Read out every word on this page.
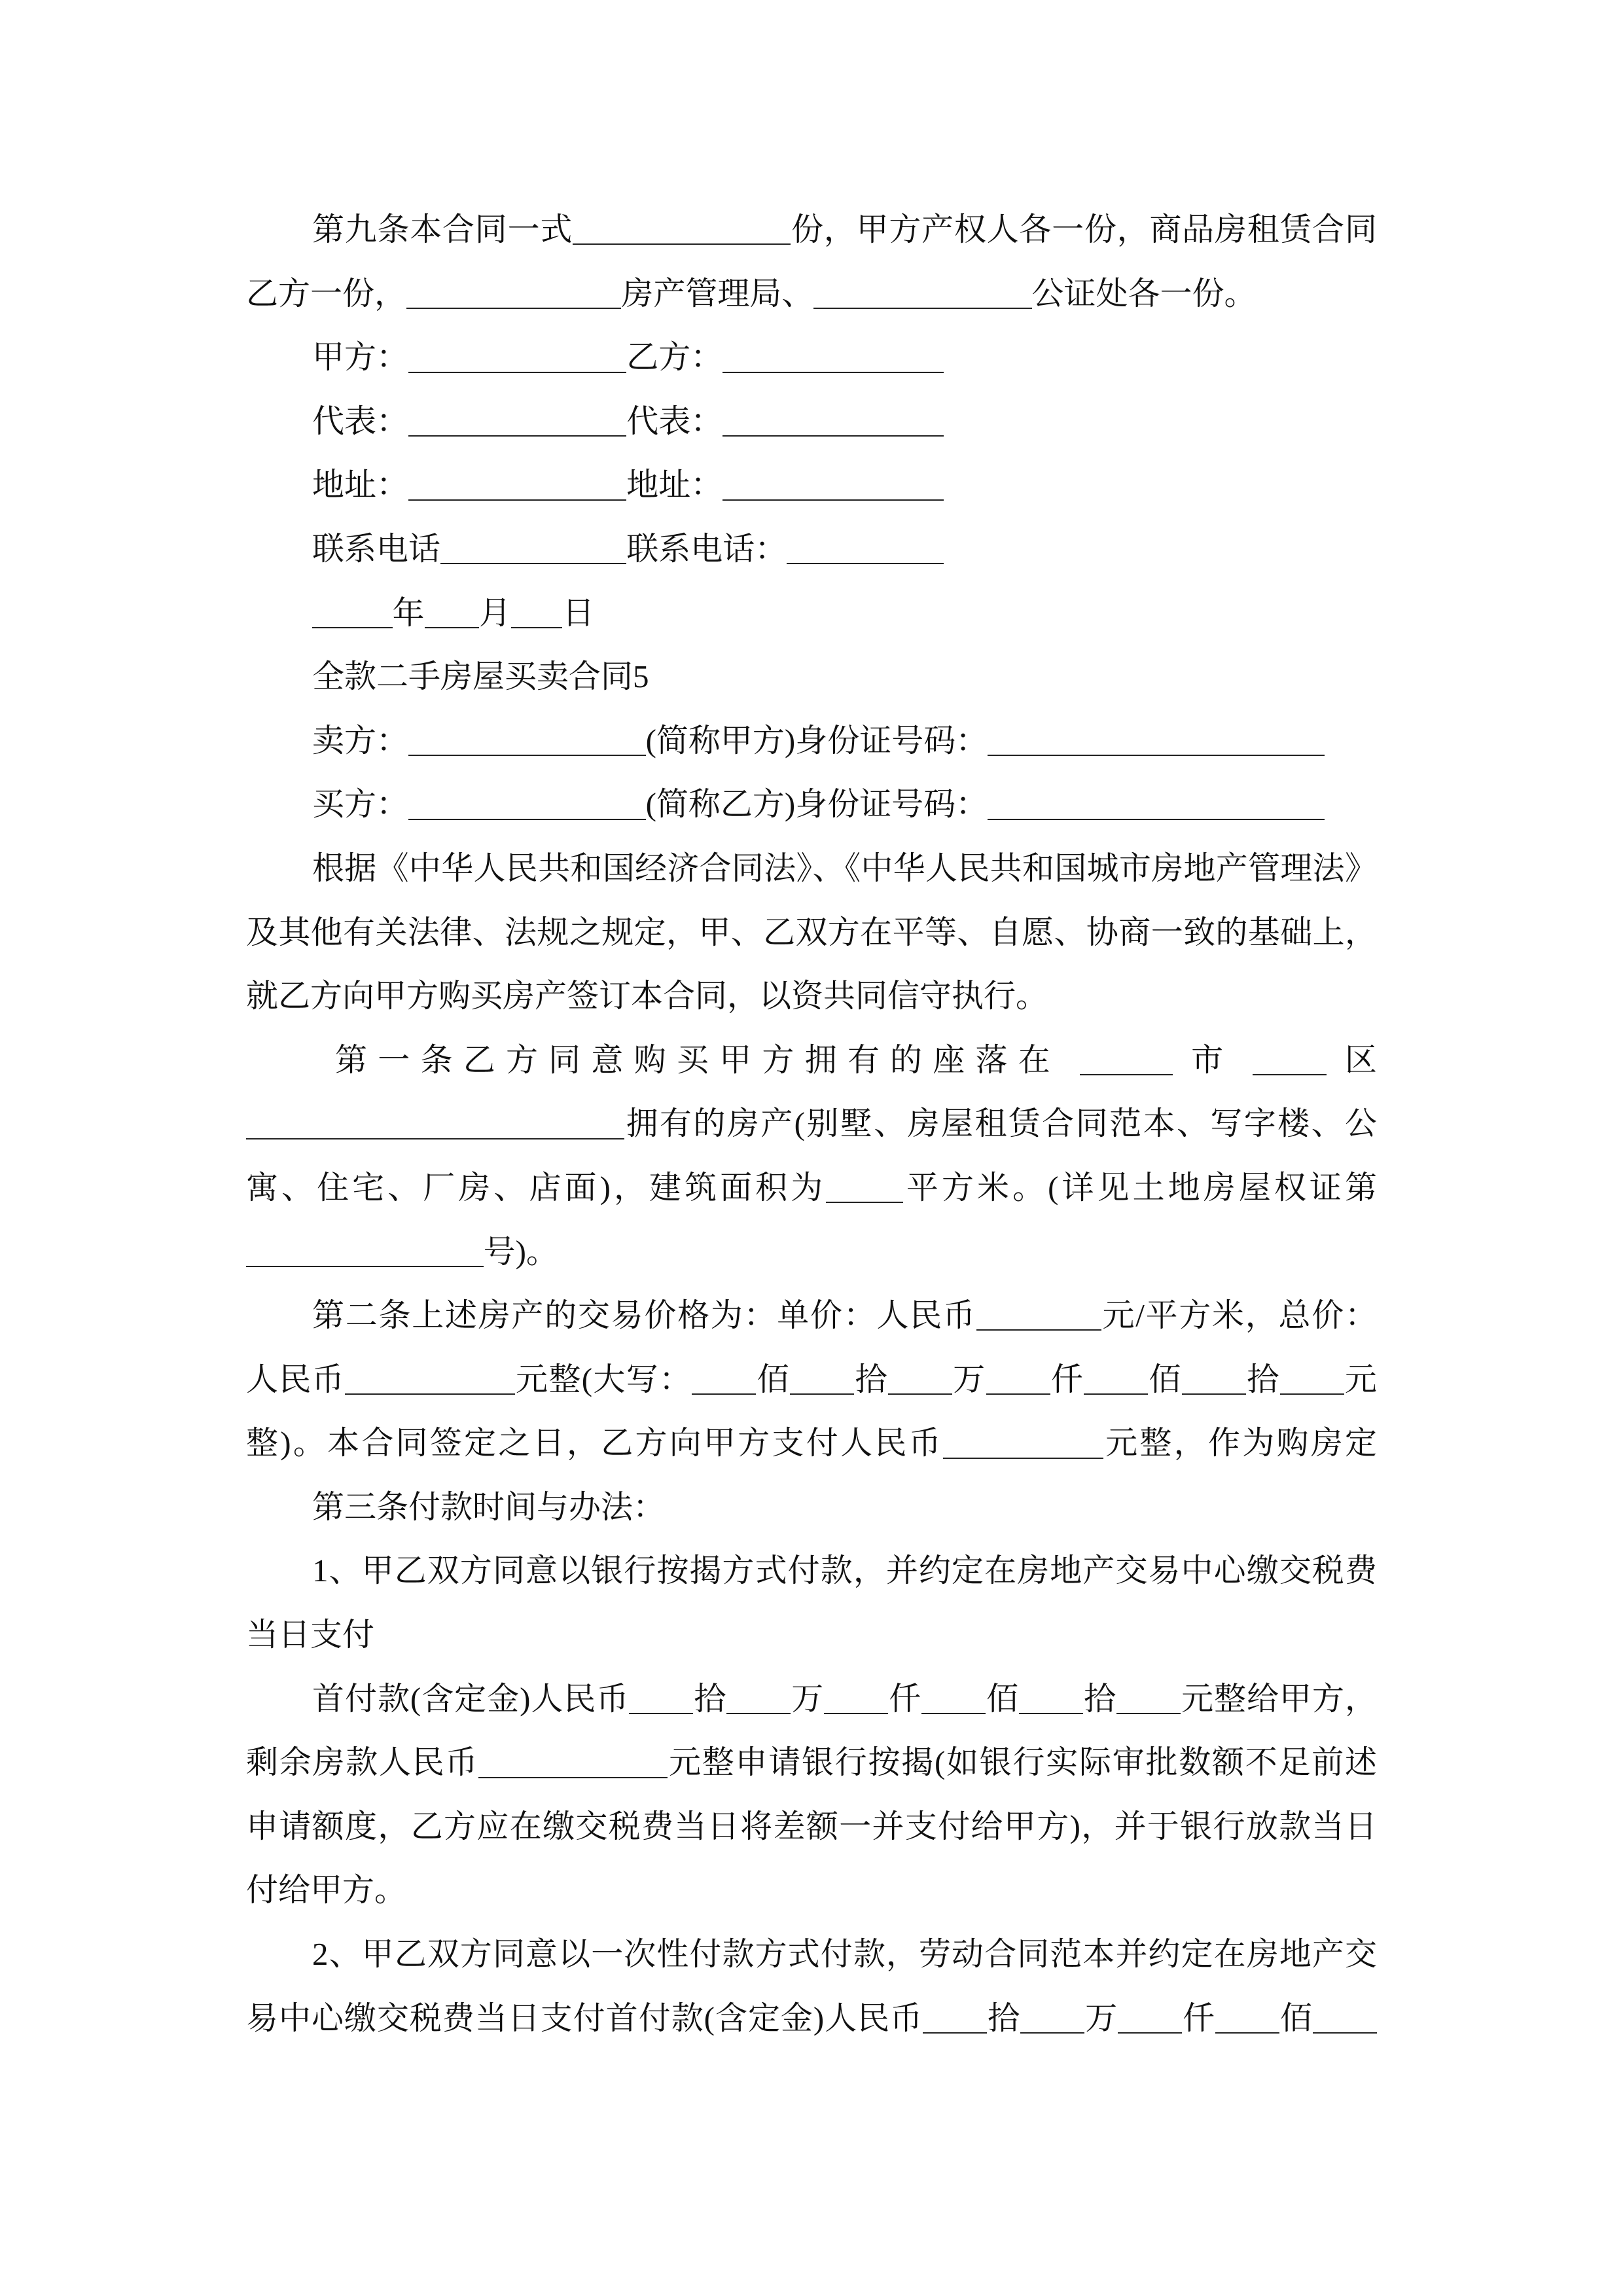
第九条本合同一式	份，甲方产权人各一份，商品房租赁合同
乙方一份，	房产管理局、	公证处各一份。
甲方：	乙方：
代表：	代表：
地址：	地址：
联系电话	联系电话：
年 月 日
全款二手房屋买卖合同5
卖方：	(简称甲方)身份证号码：
买方：	(简称乙方)身份证号码：
根据《中华人民共和国经济合同法》、《中华人民共和国城市房地产管理法》
及其他有关法律、法规之规定，甲、乙双方在平等、自愿、协商一致的基础上，
就乙方向甲方购买房产签订本合同，以资共同信守执行。
第一条乙方同意购买甲方拥有的座落在	市	区
拥有的房产(别墅、房屋租赁合同范本、写字楼、公
寓、住宅、厂房、店面)，建筑面积为 平方米。(详见土地房屋权证第
号)。
第二条上述房产的交易价格为：单价：人民币	元/平方米，总价：
人民币	元整(大写： 佰 拾 万 仟 佰 拾 元
整)。本合同签定之日，乙方向甲方支付人民币	元整，作为购房定
第三条付款时间与办法：
1、甲乙双方同意以银行按揭方式付款，并约定在房地产交易中心缴交税费
当日支付
首付款(含定金)人民币 拾 万 仟 佰 拾 元整给甲方，
剩余房款人民币	元整申请银行按揭(如银行实际审批数额不足前述
申请额度，乙方应在缴交税费当日将差额一并支付给甲方)，并于银行放款当日
付给甲方。
2、甲乙双方同意以一次性付款方式付款，劳动合同范本并约定在房地产交
易中心缴交税费当日支付首付款(含定金)人民币 拾 万 仟 佰
